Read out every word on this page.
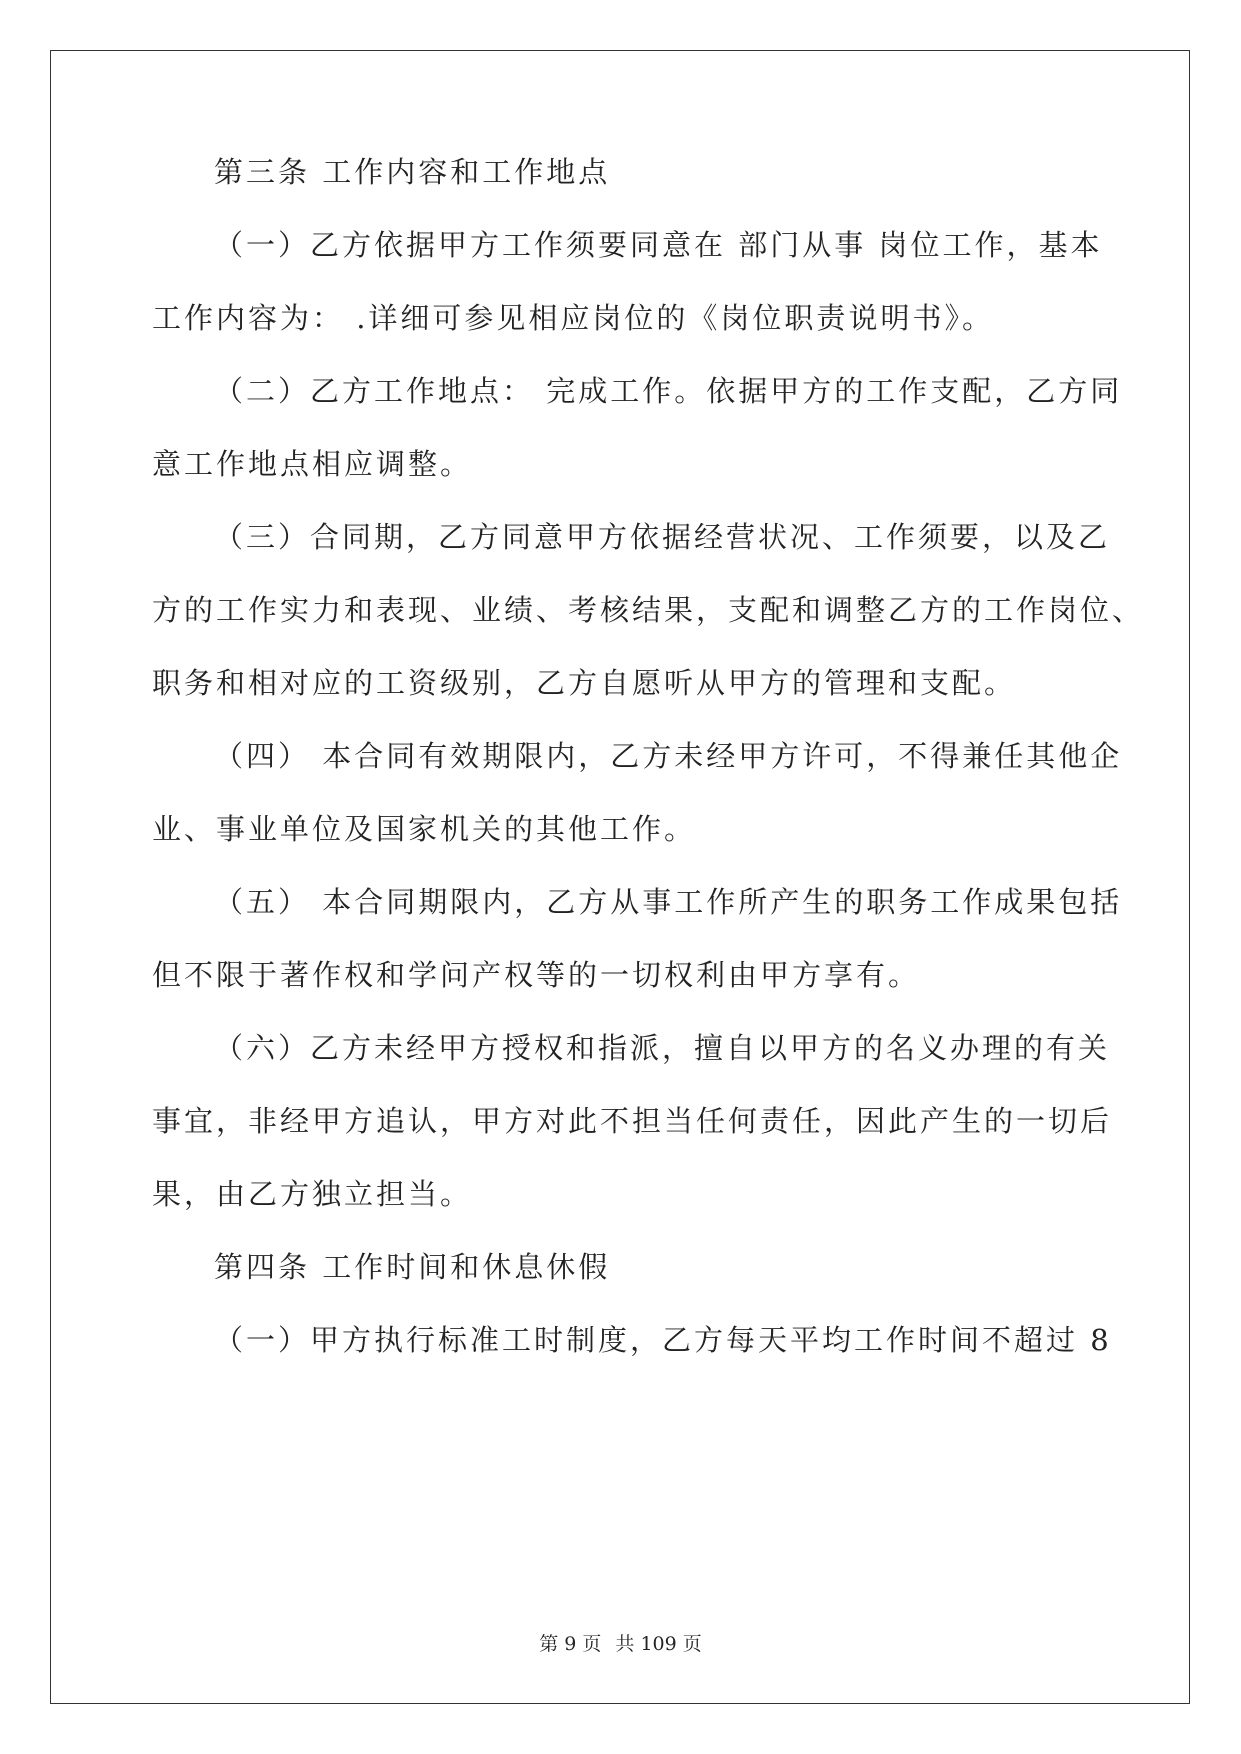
第三条 工作内容和工作地点
（一）乙方依据甲方工作须要同意在 部门从事 岗位工作，基本
工作内容为： .详细可参见相应岗位的《岗位职责说明书》。
（二）乙方工作地点： 完成工作。依据甲方的工作支配，乙方同
意工作地点相应调整。
（三）合同期，乙方同意甲方依据经营状况、工作须要，以及乙
方的工作实力和表现、业绩、考核结果，支配和调整乙方的工作岗位、
职务和相对应的工资级别，乙方自愿听从甲方的管理和支配。
（四） 本合同有效期限内，乙方未经甲方许可，不得兼任其他企
业、事业单位及国家机关的其他工作。
（五） 本合同期限内，乙方从事工作所产生的职务工作成果包括
但不限于著作权和学问产权等的一切权利由甲方享有。
（六）乙方未经甲方授权和指派，擅自以甲方的名义办理的有关
事宜，非经甲方追认，甲方对此不担当任何责任，因此产生的一切后
果，由乙方独立担当。
第四条 工作时间和休息休假
（一）甲方执行标准工时制度，乙方每天平均工作时间不超过 8
第 9 页 共 109 页
